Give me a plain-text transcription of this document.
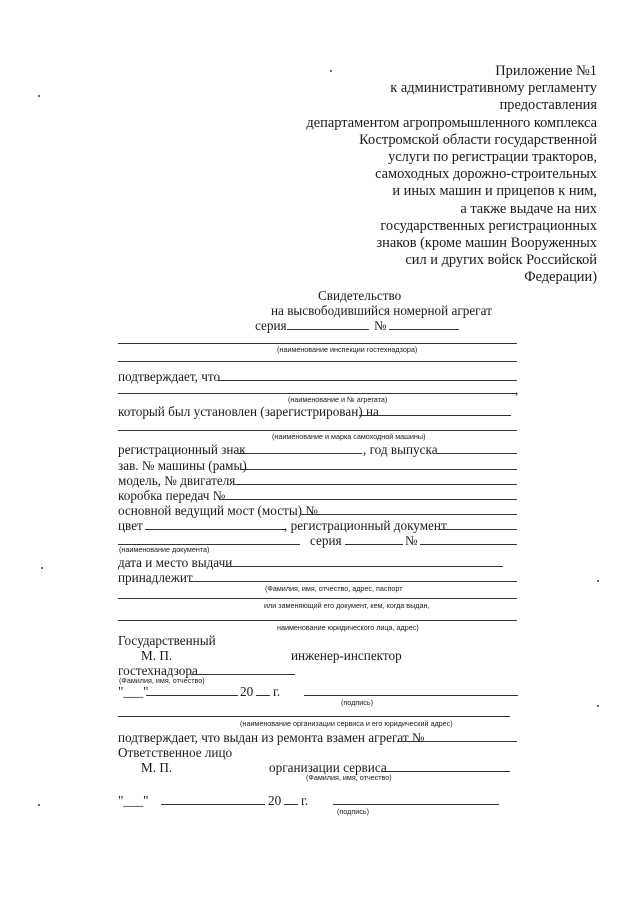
Приложение №1
к административному регламенту
предоставления
департаментом агропромышленного комплекса
Костромской области государственной
услуги по регистрации тракторов,
самоходных дорожно-строительных
и иных машин и прицепов к ним,
а также выдаче на них
государственных регистрационных
знаков (кроме машин Вооруженных
сил и других войск Российской
Федерации)
Свидетельство
на высвободившийся номерной агрегат
серия	№
(наименование инспекции гостехнадзора)
подтверждает, что
,
(наименование и № агрегата)
который был установлен (зарегистрирован) на
(наименование и марка самоходной машины)
регистрационный знак	, год выпуска
зав. № машины (рамы)
модель, № двигателя
коробка передач №
основной ведущий мост (мосты) №
цвет	, регистрационный документ
серия	№
(наименование документа)
дата и место выдачи
принадлежит
(Фамилия, имя, отчество, адрес, паспорт
или заменяющий его документ, кем, когда выдан,
наименование юридического лица, адрес)
Государственный
М. П.	инженер-инспектор
гостехнадзора
(Фамилия, имя, отчество)
"___"	20 г.
(подпись)
(наименование организации сервиса и его юридический адрес)
подтверждает, что выдан из ремонта взамен агрегат №
Ответственное лицо
М. П.	организации сервиса
(Фамилия, имя, отчество)
"___"	20 г.
(подпись)
